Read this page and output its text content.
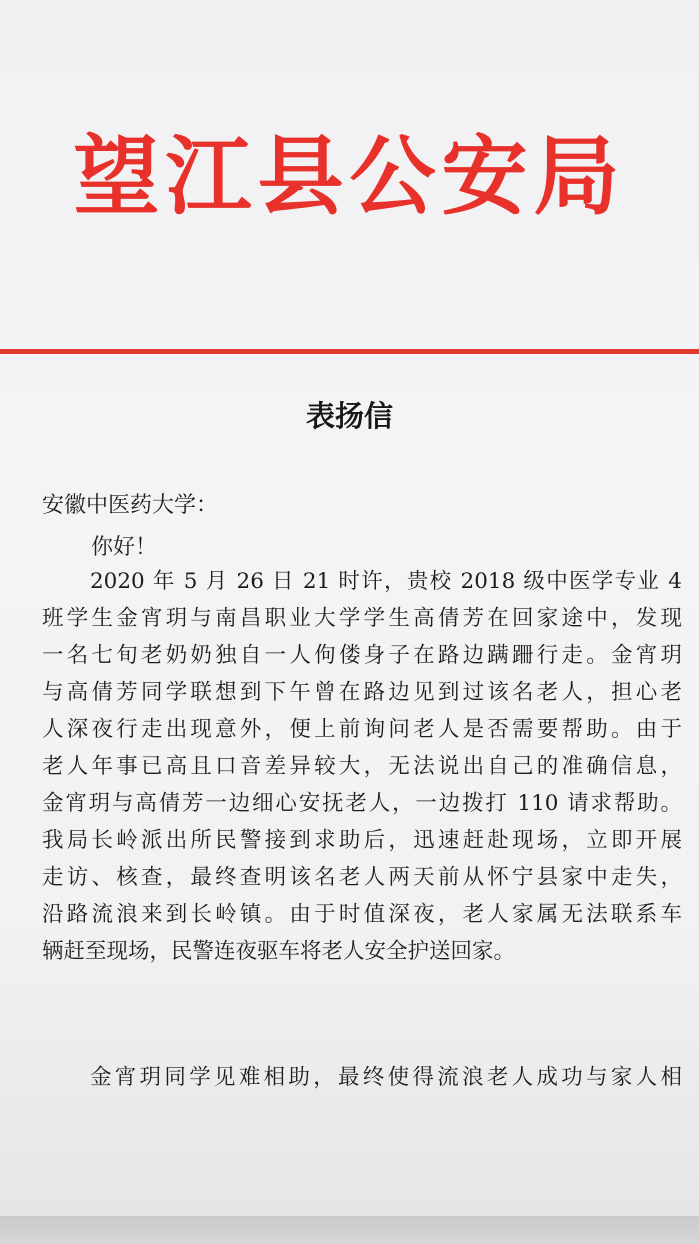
望江县公安局
表扬信
安徽中医药大学：
你好！
2020 年 5 月 26 日 21 时许，贵校 2018 级中医学专业 4
班学生金宵玥与南昌职业大学学生高倩芳在回家途中，发现
一名七旬老奶奶独自一人佝偻身子在路边蹒跚行走。金宵玥
与高倩芳同学联想到下午曾在路边见到过该名老人，担心老
人深夜行走出现意外，便上前询问老人是否需要帮助。由于
老人年事已高且口音差异较大，无法说出自己的准确信息，
金宵玥与高倩芳一边细心安抚老人，一边拨打 110 请求帮助。
我局长岭派出所民警接到求助后，迅速赶赴现场，立即开展
走访、核查，最终查明该名老人两天前从怀宁县家中走失，
沿路流浪来到长岭镇。由于时值深夜，老人家属无法联系车
辆赶至现场，民警连夜驱车将老人安全护送回家。
金宵玥同学见难相助，最终使得流浪老人成功与家人相
